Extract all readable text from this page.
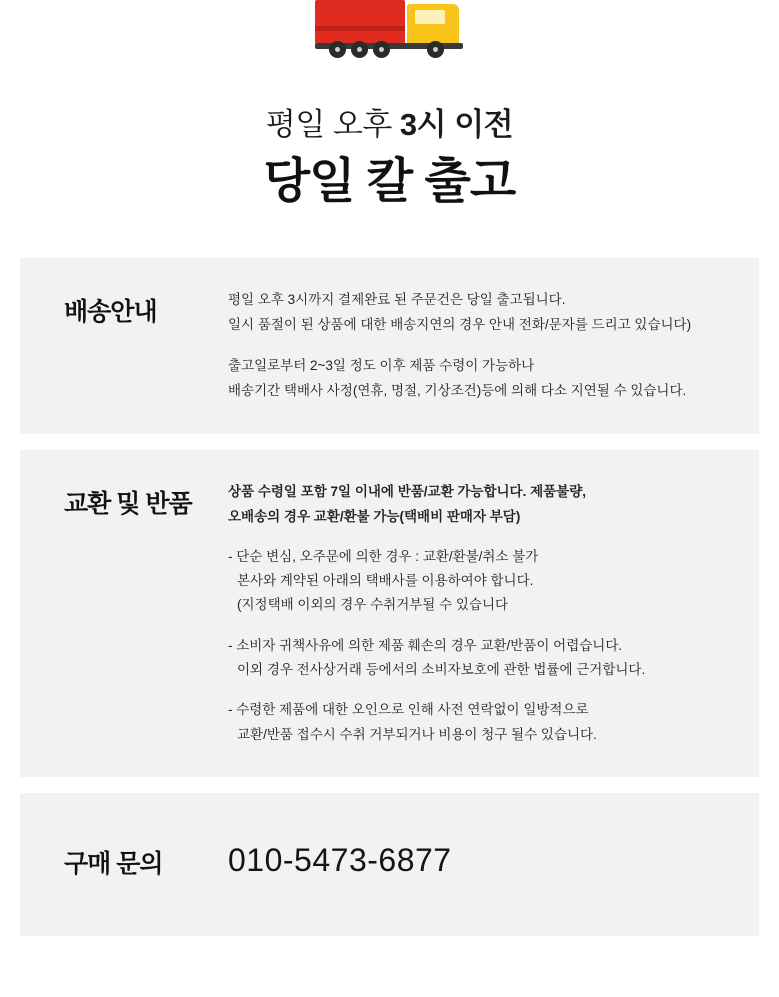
평일 오후 3시 이전
당일 칼 출고
배송안내	평일 오후 3시까지 결제완료 된 주문건은 당일 출고됩니다.

일시 품절이 된 상품에 대한 배송지연의 경우 안내 전화/문자를 드리고 있습니다)

출고일로부터 2~3일 정도 이후 제품 수령이 가능하나

배송기간 택배사 사정(연휴, 명절, 기상조건)등에 의해 다소 지연될 수 있습니다.

교환 및 반품	상품 수령일 포함 7일 이내에 반품/교환 가능합니다. 제품불량,

오배송의 경우 교환/환불 가능(택배비 판매자 부담)

- 단순 변심, 오주문에 의한 경우 : 교환/환불/취소 불가

본사와 계약된 아래의 택배사를 이용하여야 합니다.

(지정택배 이외의 경우 수취거부될 수 있습니다

- 소비자 귀책사유에 의한 제품 훼손의 경우 교환/반품이 어렵습니다.

이외 경우 전사상거래 등에서의 소비자보호에 관한 법률에 근거합니다.

- 수령한 제품에 대한 오인으로 인해 사전 연락없이 일방적으로

교환/반품 접수시 수취 거부되거나 비용이 청구 될수 있습니다.

구매 문의	010-5473-6877
